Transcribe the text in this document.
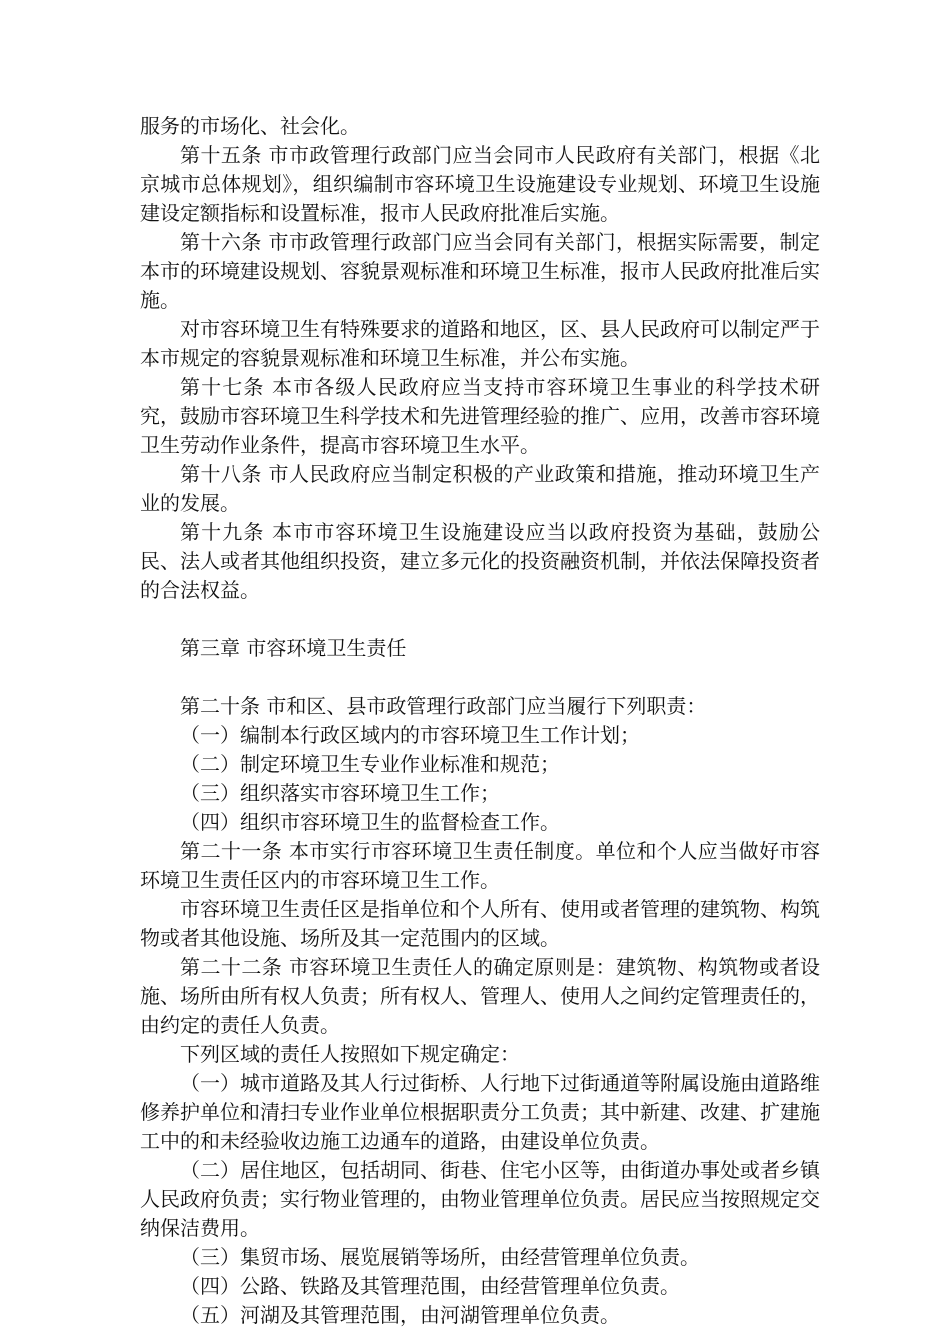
服务的市场化、社会化。

第十五条 市市政管理行政部门应当会同市人民政府有关部门，根据《北京城市总体规划》，组织编制市容环境卫生设施建设专业规划、环境卫生设施建设定额指标和设置标准，报市人民政府批准后实施。

第十六条 市市政管理行政部门应当会同有关部门，根据实际需要，制定本市的环境建设规划、容貌景观标准和环境卫生标准，报市人民政府批准后实施。

对市容环境卫生有特殊要求的道路和地区，区、县人民政府可以制定严于本市规定的容貌景观标准和环境卫生标准，并公布实施。

第十七条 本市各级人民政府应当支持市容环境卫生事业的科学技术研究，鼓励市容环境卫生科学技术和先进管理经验的推广、应用，改善市容环境卫生劳动作业条件，提高市容环境卫生水平。

第十八条 市人民政府应当制定积极的产业政策和措施，推动环境卫生产业的发展。

第十九条 本市市容环境卫生设施建设应当以政府投资为基础，鼓励公民、法人或者其他组织投资，建立多元化的投资融资机制，并依法保障投资者的合法权益。

第三章 市容环境卫生责任

第二十条 市和区、县市政管理行政部门应当履行下列职责：

（一）编制本行政区域内的市容环境卫生工作计划；

（二）制定环境卫生专业作业标准和规范；

（三）组织落实市容环境卫生工作；

（四）组织市容环境卫生的监督检查工作。

第二十一条 本市实行市容环境卫生责任制度。单位和个人应当做好市容环境卫生责任区内的市容环境卫生工作。

市容环境卫生责任区是指单位和个人所有、使用或者管理的建筑物、构筑物或者其他设施、场所及其一定范围内的区域。

第二十二条 市容环境卫生责任人的确定原则是：建筑物、构筑物或者设施、场所由所有权人负责；所有权人、管理人、使用人之间约定管理责任的，由约定的责任人负责。

下列区域的责任人按照如下规定确定：

（一）城市道路及其人行过街桥、人行地下过街通道等附属设施由道路维修养护单位和清扫专业作业单位根据职责分工负责；其中新建、改建、扩建施工中的和未经验收边施工边通车的道路，由建设单位负责。

（二）居住地区，包括胡同、街巷、住宅小区等，由街道办事处或者乡镇人民政府负责；实行物业管理的，由物业管理单位负责。居民应当按照规定交纳保洁费用。

（三）集贸市场、展览展销等场所，由经营管理单位负责。

（四）公路、铁路及其管理范围，由经营管理单位负责。

（五）河湖及其管理范围，由河湖管理单位负责。
